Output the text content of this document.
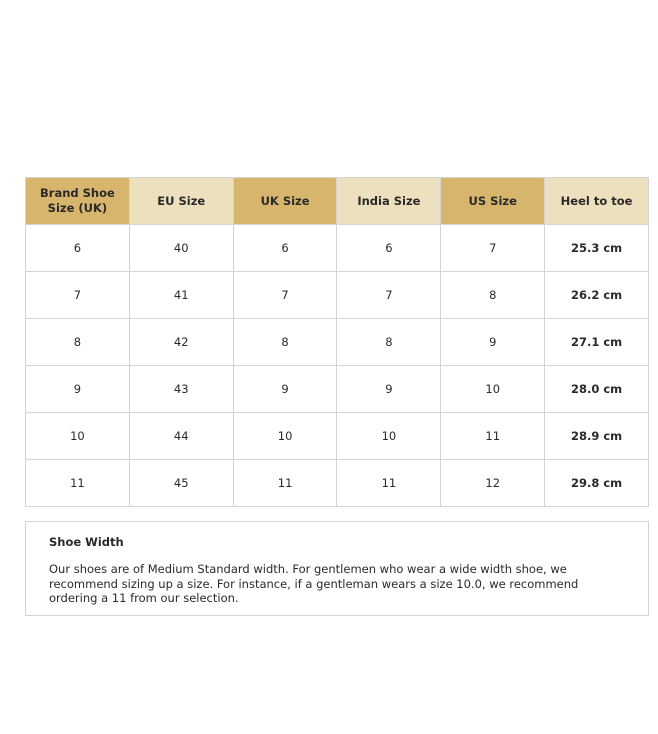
Brand Shoe Size (UK)	EU Size	UK Size	India Size	US Size	Heel to toe
6	40	6	6	7	25.3 cm
7	41	7	7	8	26.2 cm
8	42	8	8	9	27.1 cm
9	43	9	9	10	28.0 cm
10	44	10	10	11	28.9 cm
11	45	11	11	12	29.8 cm

Shoe Width

Our shoes are of Medium Standard width. For gentlemen who wear a wide width shoe, we recommend sizing up a size. For instance, if a gentleman wears a size 10.0, we recommend ordering a 11 from our selection.
